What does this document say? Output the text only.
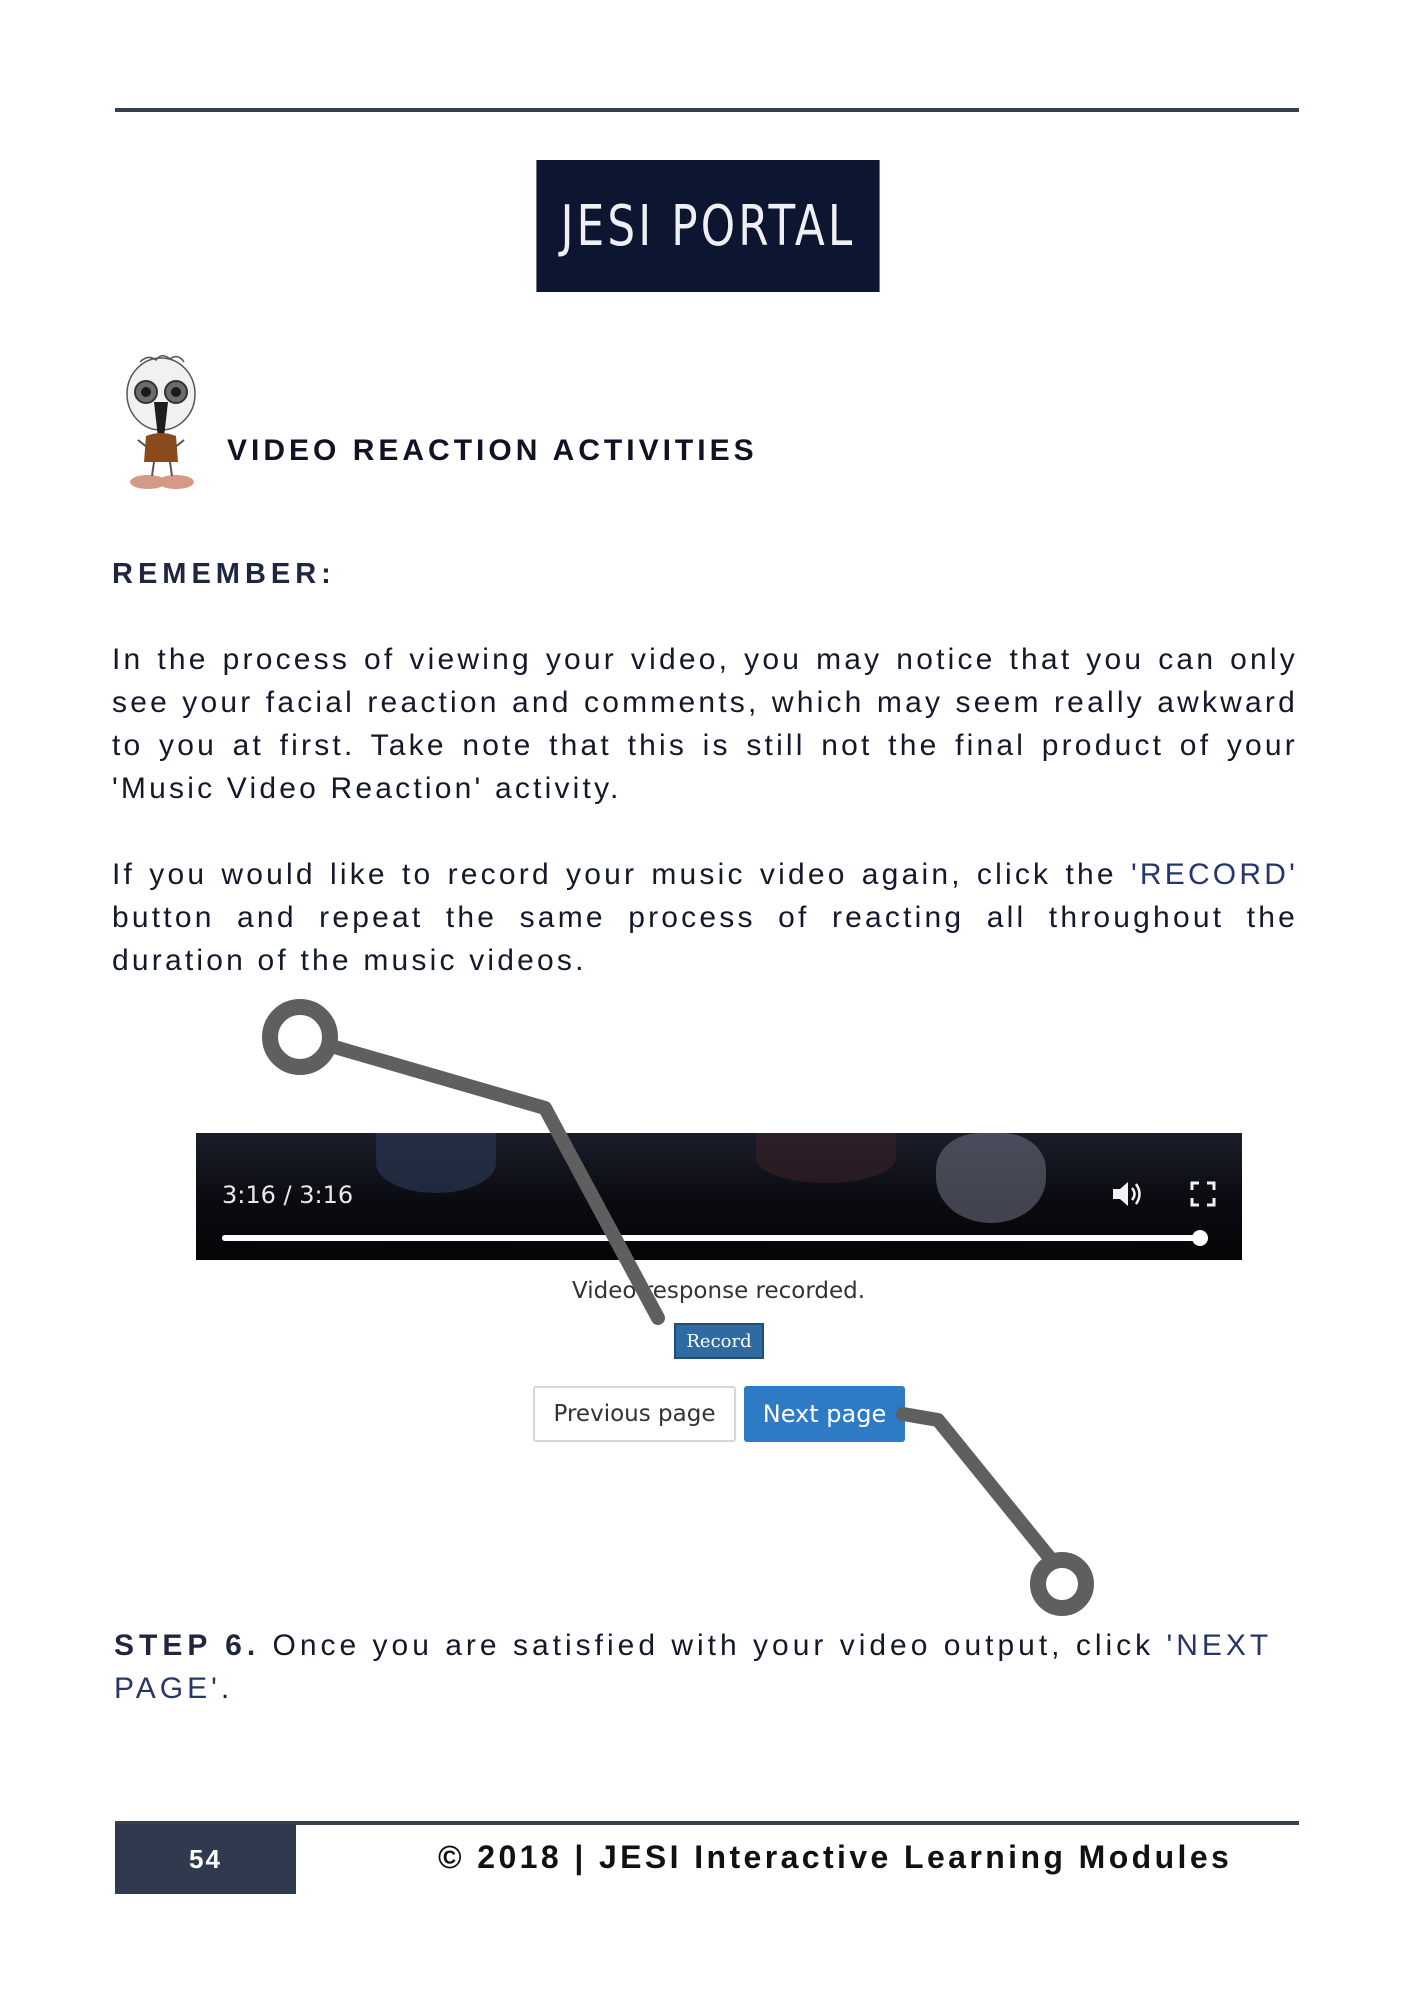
JESI PORTAL
VIDEO REACTION ACTIVITIES
REMEMBER:

In the process of viewing your video, you may notice that you can only see your facial reaction and comments, which may seem really awkward to you at first. Take note that this is still not the final product of your 'Music Video Reaction' activity.

If you would like to record your music video again, click the 'RECORD' button and repeat the same process of reacting all throughout the duration of the music videos.

3:16 / 3:16
Video response recorded.
Record
Previous page	Next page

STEP 6. Once you are satisfied with your video output, click 'NEXT PAGE'.

54	© 2018 | JESI Interactive Learning Modules
